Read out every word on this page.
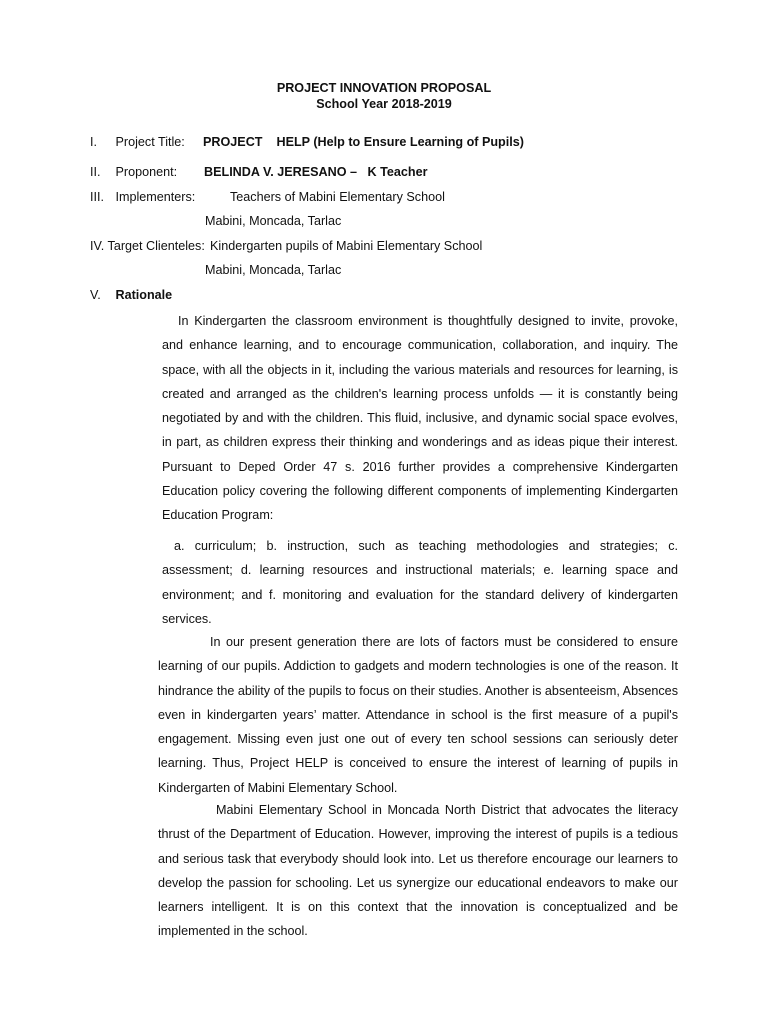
PROJECT INNOVATION PROPOSAL
School Year 2018-2019
I. Project Title: PROJECT    HELP (Help to Ensure Learning of Pupils)
II. Proponent: BELINDA V. JERESANO –   K Teacher
III. Implementers:	Teachers of Mabini Elementary School
Mabini, Moncada, Tarlac
IV. Target Clienteles: Kindergarten pupils of Mabini Elementary School
Mabini, Moncada, Tarlac
V. Rationale

In Kindergarten the classroom environment is thoughtfully designed to invite, provoke, and enhance learning, and to encourage communication, collaboration, and inquiry. The space, with all the objects in it, including the various materials and resources for learning, is created and arranged as the children's learning process unfolds — it is constantly being negotiated by and with the children. This fluid, inclusive, and dynamic social space evolves, in part, as children express their thinking and wonderings and as ideas pique their interest. Pursuant to Deped Order 47 s. 2016 further provides a comprehensive Kindergarten Education policy covering the following different components of implementing Kindergarten Education Program:

a. curriculum; b. instruction, such as teaching methodologies and strategies; c. assessment; d. learning resources and instructional materials; e. learning space and environment; and f. monitoring and evaluation for the standard delivery of kindergarten services.

In our present generation there are lots of factors must be considered to ensure learning of our pupils. Addiction to gadgets and modern technologies is one of the reason. It hindrance the ability of the pupils to focus on their studies. Another is absenteeism, Absences even in kindergarten years’ matter. Attendance in school is the first measure of a pupil's engagement. Missing even just one out of every ten school sessions can seriously deter learning. Thus, Project HELP is conceived to ensure the interest of learning of pupils in Kindergarten of Mabini Elementary School.

Mabini Elementary School in Moncada North District that advocates the literacy thrust of the Department of Education. However, improving the interest of pupils is a tedious and serious task that everybody should look into. Let us therefore encourage our learners to develop the passion for schooling. Let us synergize our educational endeavors to make our learners intelligent. It is on this context that the innovation is conceptualized and be implemented in the school.
